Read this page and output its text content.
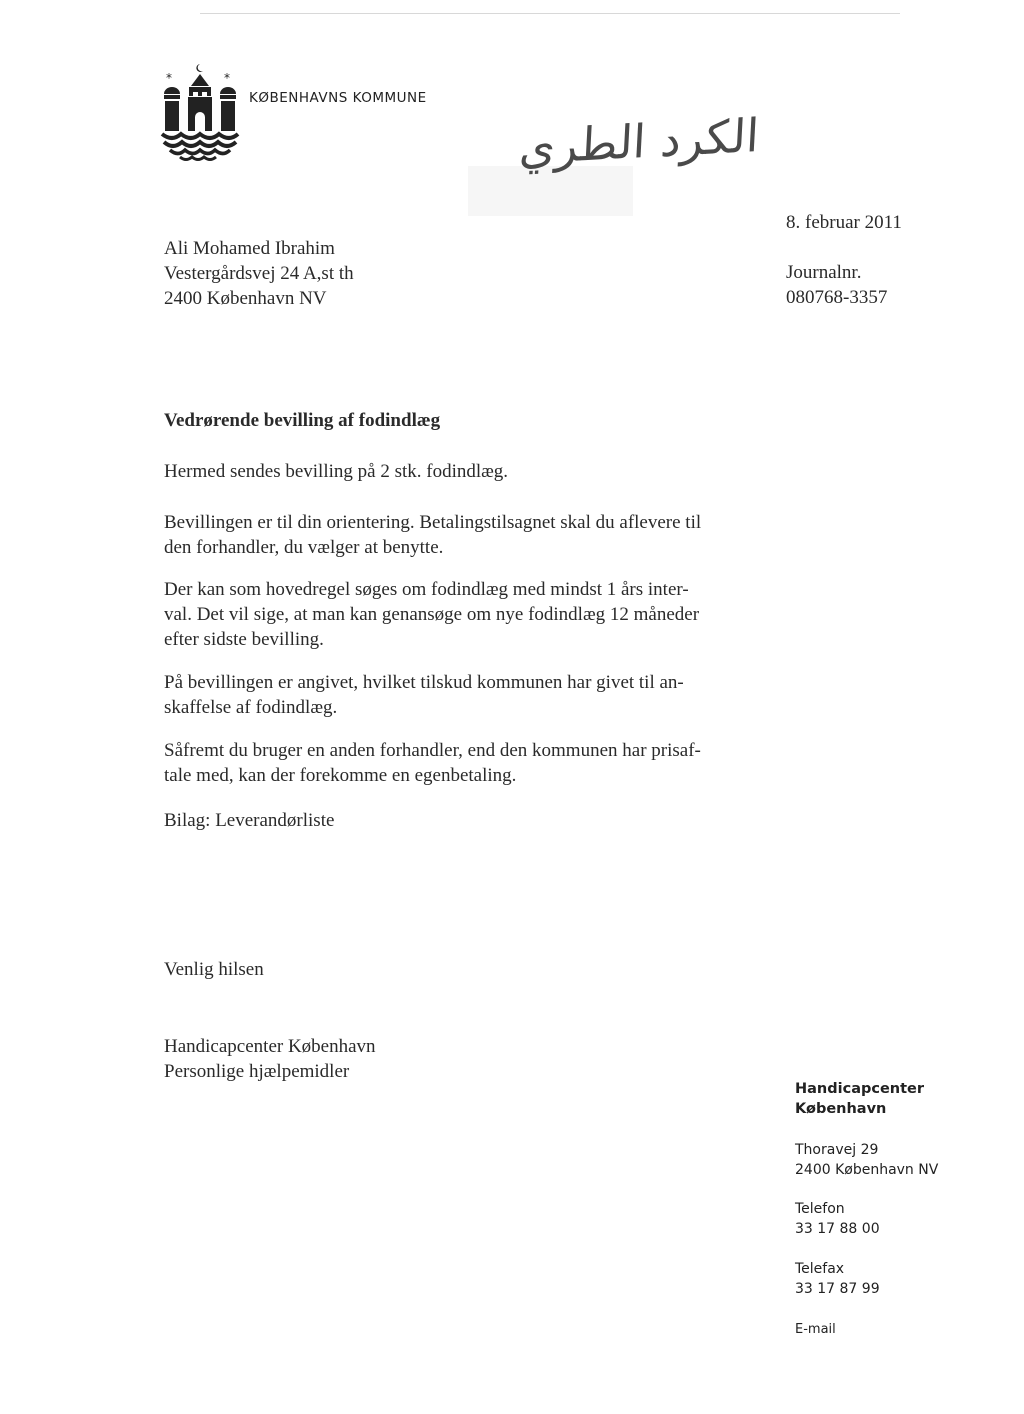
*	*
KØBENHAVNS KOMMUNE
الكرد الطري
Ali Mohamed Ibrahim
Vestergårdsvej 24 A,st th
2400 København NV
8. februar 2011
Journalnr.
080768-3357
Vedrørende bevilling af fodindlæg
Hermed sendes bevilling på 2 stk. fodindlæg.
Bevillingen er til din orientering. Betalingstilsagnet skal du aflevere til
den forhandler, du vælger at benytte.
Der kan som hovedregel søges om fodindlæg med mindst 1 års inter-
val. Det vil sige, at man kan genansøge om nye fodindlæg 12 måneder
efter sidste bevilling.
På bevillingen er angivet, hvilket tilskud kommunen har givet til an-
skaffelse af fodindlæg.
Såfremt du bruger en anden forhandler, end den kommunen har prisaf-
tale med, kan der forekomme en egenbetaling.
Bilag: Leverandørliste
Venlig hilsen
Handicapcenter København
Personlige hjælpemidler
Handicapcenter
København
Thoravej 29
2400 København NV
Telefon
33 17 88 00
Telefax
33 17 87 99
E-mail
